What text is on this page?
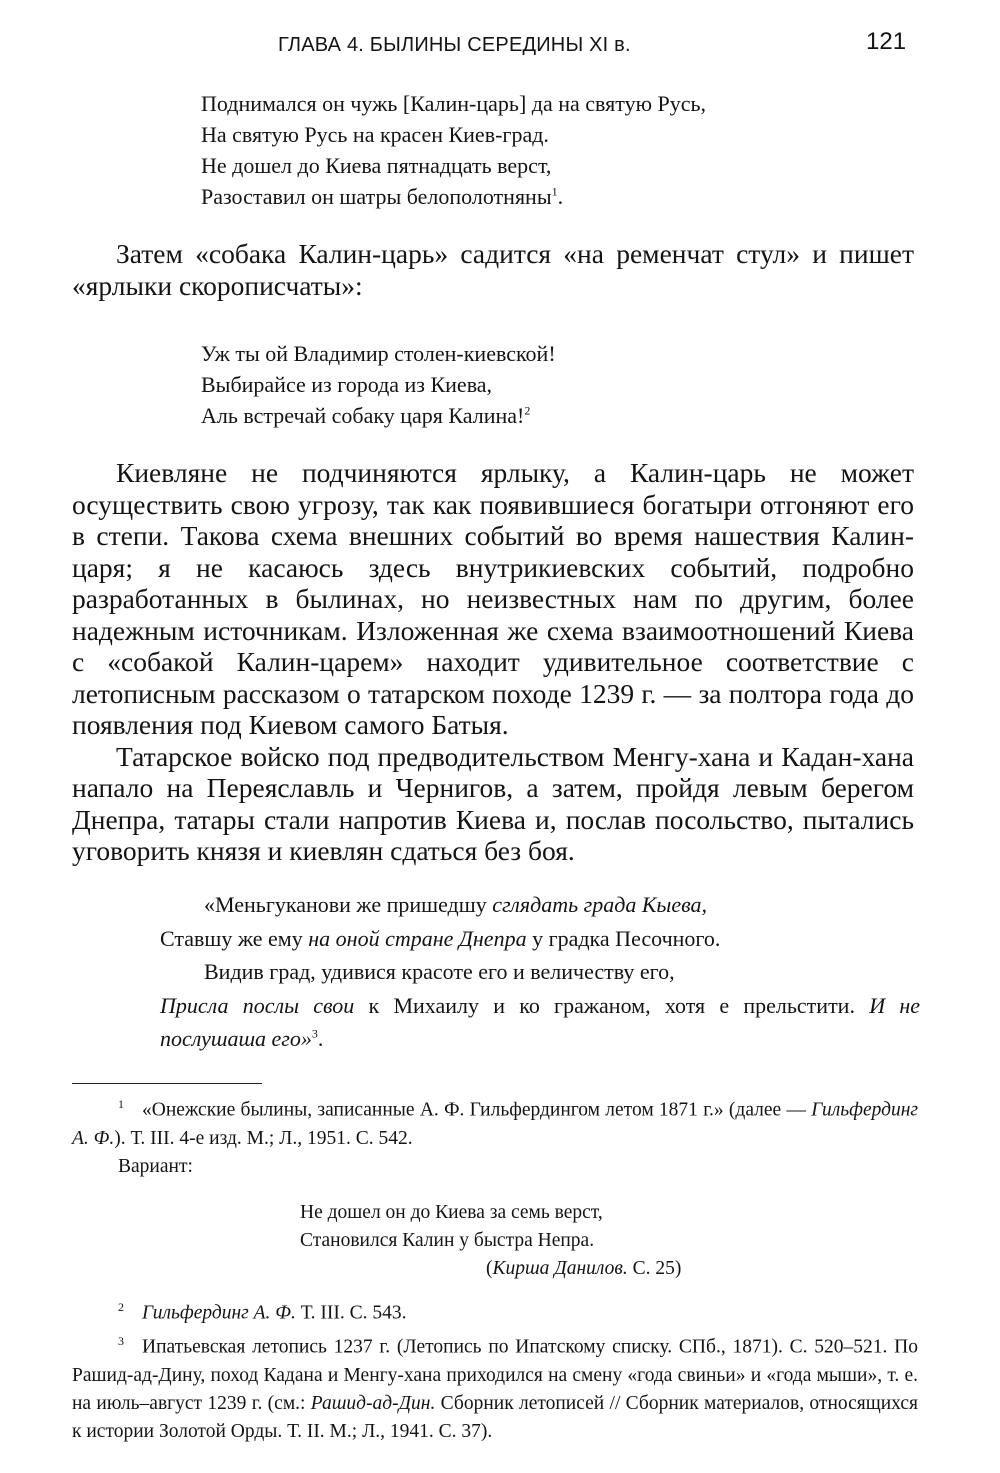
ГЛАВА 4. БЫЛИНЫ СЕРЕДИНЫ XI в.	121
Поднимался он чужь [Калин-царь] да на святую Русь,
На святую Русь на красен Киев-град.
Не дошел до Киева пятнадцать верст,
Разоставил он шатры белополотняны$^1$.

Затем «собака Калин-царь» садится «на ременчат стул» и пишет «ярлыки скорописчаты»:

Уж ты ой Владимир столен-киевской!
Выбирайсе из города из Киева,
Аль встречай собаку царя Калина!$^2$

Киевляне не подчиняются ярлыку, а Калин-царь не может осуществить свою угрозу, так как появившиеся богатыри отгоняют его в степи. Такова схема внешних событий во время нашествия Калин-царя; я не касаюсь здесь внутрикиевских событий, подробно разработанных в былинах, но неизвестных нам по другим, более надежным источникам. Изложенная же схема взаимоотношений Киева с «собакой Калин-царем» находит удивительное соответствие с летописным рассказом о татарском походе 1239 г. — за полтора года до появления под Киевом самого Батыя.

Татарское войско под предводительством Менгу-хана и Кадан-хана напало на Переяславль и Чернигов, а затем, пройдя левым берегом Днепра, татары стали напротив Киева и, послав посольство, пытались уговорить князя и киевлян сдаться без боя.

«Меньгуканови же пришедшу сглядать града Кыева,
Ставшу же ему на оной стране Днепра у градка Песочного.
Видив град, удивися красоте его и величеству его,
Присла послы свои к Михаилу и ко гражаном, хотя е прельстити. И не послушаша его»$^3$.
$^1$ «Онежские былины, записанные А. Ф. Гильфердингом летом 1871 г.» (далее — Гильфердинг А. Ф.). Т. III. 4-е изд. М.; Л., 1951. С. 542.
Вариант:
Не дошел он до Киева за семь верст,
Становился Калин у быстра Непра.
(Кирша Данилов. С. 25)
$^2$ Гильфердинг А. Ф. Т. III. С. 543.
$^3$ Ипатьевская летопись 1237 г. (Летопись по Ипатскому списку. СПб., 1871). С. 520–521. По Рашид-ад-Дину, поход Кадана и Менгу-хана приходился на смену «года свиньи» и «года мыши», т. е. на июль–август 1239 г. (см.: Рашид-ад-Дин. Сборник летописей // Сборник материалов, относящихся к истории Золотой Орды. Т. II. М.; Л., 1941. С. 37).
